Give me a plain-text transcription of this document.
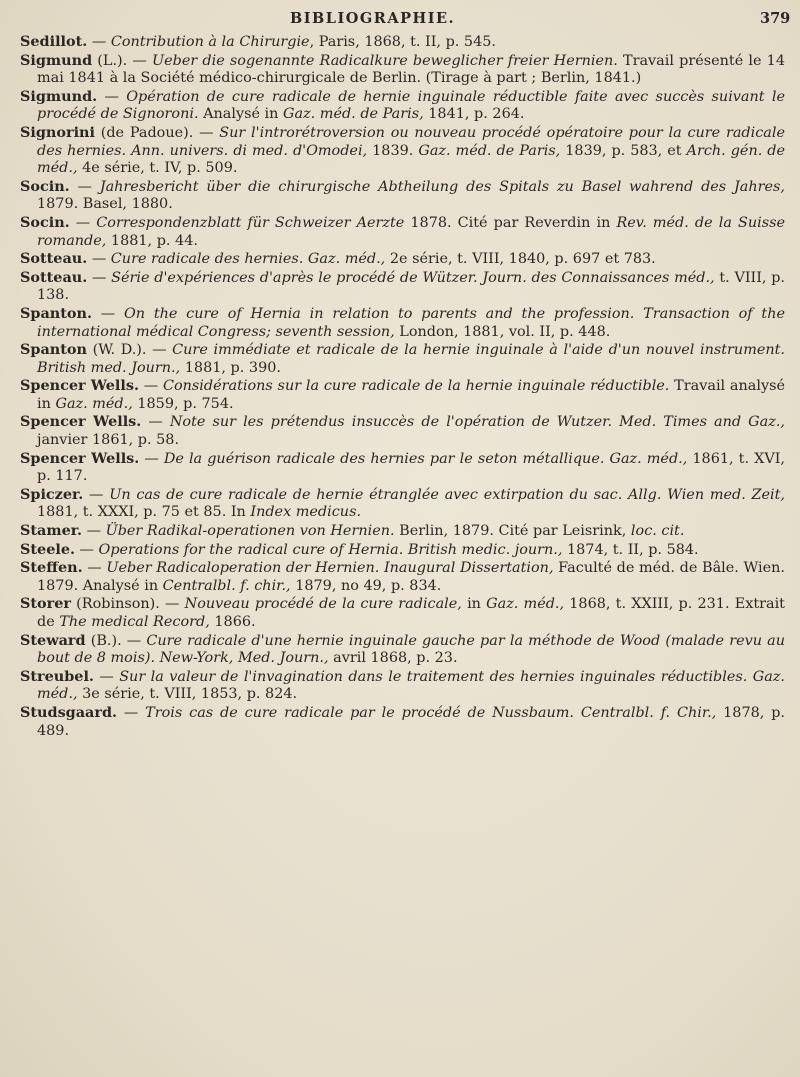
BIBLIOGRAPHIE.	379

Sedillot. — Contribution à la Chirurgie, Paris, 1868, t. II, p. 545.

Sigmund (L.). — Ueber die sogenannte Radicalkure beweglicher freier Hernien. Travail présenté le 14 mai 1841 à la Société médico-chirurgicale de Berlin. (Tirage à part ; Berlin, 1841.)

Sigmund. — Opération de cure radicale de hernie inguinale réductible faite avec succès suivant le procédé de Signoroni. Analysé in Gaz. méd. de Paris, 1841, p. 264.

Signorini (de Padoue). — Sur l'introrétroversion ou nouveau procédé opératoire pour la cure radicale des hernies. Ann. univers. di med. d'Omodei, 1839. Gaz. méd. de Paris, 1839, p. 583, et Arch. gén. de méd., 4e série, t. IV, p. 509.

Socin. — Jahresbericht über die chirurgische Abtheilung des Spitals zu Basel wahrend des Jahres, 1879. Basel, 1880.

Socin. — Correspondenzblatt für Schweizer Aerzte 1878. Cité par Reverdin in Rev. méd. de la Suisse romande, 1881, p. 44.

Sotteau. — Cure radicale des hernies. Gaz. méd., 2e série, t. VIII, 1840, p. 697 et 783.

Sotteau. — Série d'expériences d'après le procédé de Wützer. Journ. des Connaissances méd., t. VIII, p. 138.

Spanton. — On the cure of Hernia in relation to parents and the profession. Transaction of the international médical Congress; seventh session, London, 1881, vol. II, p. 448.

Spanton (W. D.). — Cure immédiate et radicale de la hernie inguinale à l'aide d'un nouvel instrument. British med. Journ., 1881, p. 390.

Spencer Wells. — Considérations sur la cure radicale de la hernie inguinale réductible. Travail analysé in Gaz. méd., 1859, p. 754.

Spencer Wells. — Note sur les prétendus insuccès de l'opération de Wutzer. Med. Times and Gaz., janvier 1861, p. 58.

Spencer Wells. — De la guérison radicale des hernies par le seton métallique. Gaz. méd., 1861, t. XVI, p. 117.

Spiczer. — Un cas de cure radicale de hernie étranglée avec extirpation du sac. Allg. Wien med. Zeit, 1881, t. XXXI, p. 75 et 85. In Index medicus.

Stamer. — Über Radikal-operationen von Hernien. Berlin, 1879. Cité par Leisrink, loc. cit.

Steele. — Operations for the radical cure of Hernia. British medic. journ., 1874, t. II, p. 584.

Steffen. — Ueber Radicaloperation der Hernien. Inaugural Dissertation, Faculté de méd. de Bâle. Wien. 1879. Analysé in Centralbl. f. chir., 1879, no 49, p. 834.

Storer (Robinson). — Nouveau procédé de la cure radicale, in Gaz. méd., 1868, t. XXIII, p. 231. Extrait de The medical Record, 1866.

Steward (B.). — Cure radicale d'une hernie inguinale gauche par la méthode de Wood (malade revu au bout de 8 mois). New-York, Med. Journ., avril 1868, p. 23.

Streubel. — Sur la valeur de l'invagination dans le traitement des hernies inguinales réductibles. Gaz. méd., 3e série, t. VIII, 1853, p. 824.

Studsgaard. — Trois cas de cure radicale par le procédé de Nussbaum. Centralbl. f. Chir., 1878, p. 489.
